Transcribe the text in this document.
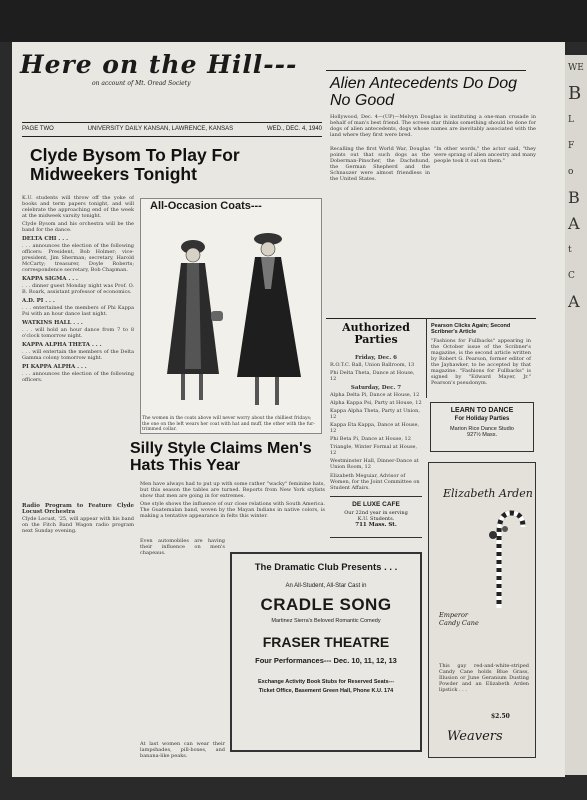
WE
B
L
F
o
B
A
t
C
A
Here on the Hill---
on account of Mt. Oread Society
PAGE TWO	UNIVERSITY DAILY KANSAN, LAWRENCE, KANSAS	WED., DEC. 4, 1940
Clyde Bysom To Play For Midweekers Tonight

K.U. students will throw off the yoke of books and term papers tonight, and will celebrate the approaching end of the week at the midweek varsity tonight.

Clyde Bysom and his orchestra will be the band for the dance.

DELTA CHI . . .

. . . announces the election of the following officers: President, Bob Holmer; vice-president, Jim Sherman; secretary, Harold McCarty; treasurer, Doyle Roberts; correspondence secretary, Bob Chapman.

KAPPA SIGMA . . .

. . . dinner guest Monday night was Prof. O. B. Roark, assistant professor of economics.

A.D. PI . . .

. . . entertained the members of Phi Kappa Psi with an hour dance last night.

WATKINS HALL . . .

. . . will hold an hour dance from 7 to 8 o'clock tomorrow night.

KAPPA ALPHA THETA . . .

. . . will entertain the members of the Delta Gamma colony tomorrow night.

PI KAPPA ALPHA . . .

. . . announces the election of the following officers.

Radio Program to Feature Clyde Locust Orchestra

Clyde Locust, '25, will appear with his band on the Fitch Band Wagon radio program next Sunday evening.

All-Occasion Coats---
The women in the coats above will never worry about the chilliest fridays; the one on the left wears her coat with hat and muff, the other with the fur-trimmed collar.
Silly Style Claims Men's Hats This Year

Men have always had to put up with some rather "wacky" feminine hats, but this season the tables are turned. Reports from New York stylists show that men are going in for extremes.

One style shows the influence of our close relations with South America. The Guatemalan band, woven by the Mayan Indians in native colors, is making a tentative appearance in felts this winter.

Even automobiles are having their influence on men's chapeaus.

At last women can wear their lampshades, pill-boxes, and banana-like peaks.

Alien Antecedents Do Dog No Good

Hollywood, Dec. 4—(UP)—Melvyn Douglas is instituting a one-man crusade in behalf of man's best friend. The screen star thinks something should be done for dogs of alien antecedents, dogs whose names are inevitably associated with the land where they first were bred.

Recalling the first World War, Douglas points out that such dogs as the Doberman-Pinscher, the Dachshund, the German Shepherd and the Schnauzer were almost friendless in the United States.

"In other words," the actor said, "they were sprang of alien ancestry and many people took it out on them."

Authorized Parties
Friday, Dec. 6

R.O.T.C. Ball, Union Ballroom, 13

Phi Delta Theta, Dance at House, 12

Saturday, Dec. 7

Alpha Delta Pi, Dance at House, 12

Alpha Kappa Psi, Party at House, 12

Kappa Alpha Theta, Party at Union, 12

Kappa Eta Kappa, Dance at House, 12

Phi Beta Pi, Dance at House, 12

Triangle, Winter Formal at House, 12

Westminster Hall, Dinner-Dance at Union Room, 12

Elizabeth Meguiar, Advisor of Women, for the Joint Committee on Student Affairs.

Pearson Clicks Again; Second Scribner's Article
"Fashions for Fullbacks" appearing in the October issue of the Scribner's magazine, is the second article written by Robert G. Pearson, former editor of the Jayhawker, to be accepted by that magazine. "Fashions for Fullbacks" is signed by "Edward Mayer, Jr." Pearson's pseudonym.
LEARN TO DANCE
For Holiday Parties
Marion Rice Dance Studio
927½ Mass.
DE LUXE CAFE
Our 22nd year in serving
K.U. Students.
711 Mass. St.
The Dramatic Club Presents . . .
An All-Student, All-Star Cast in
CRADLE SONG
Martinez Sierra's Beloved Romantic Comedy
FRASER THEATRE
Four Performances--- Dec. 10, 11, 12, 13
Exchange Activity Book Stubs for Reserved Seats---
Ticket Office, Basement Green Hall, Phone K.U. 174
Elizabeth Arden
Emperor Candy Cane
This gay red-and-white-striped Candy Cane holds Blue Grass, Illusion or June Geranium Dusting Powder and an Elizabeth Arden lipstick . . .
$2.50
Weavers
